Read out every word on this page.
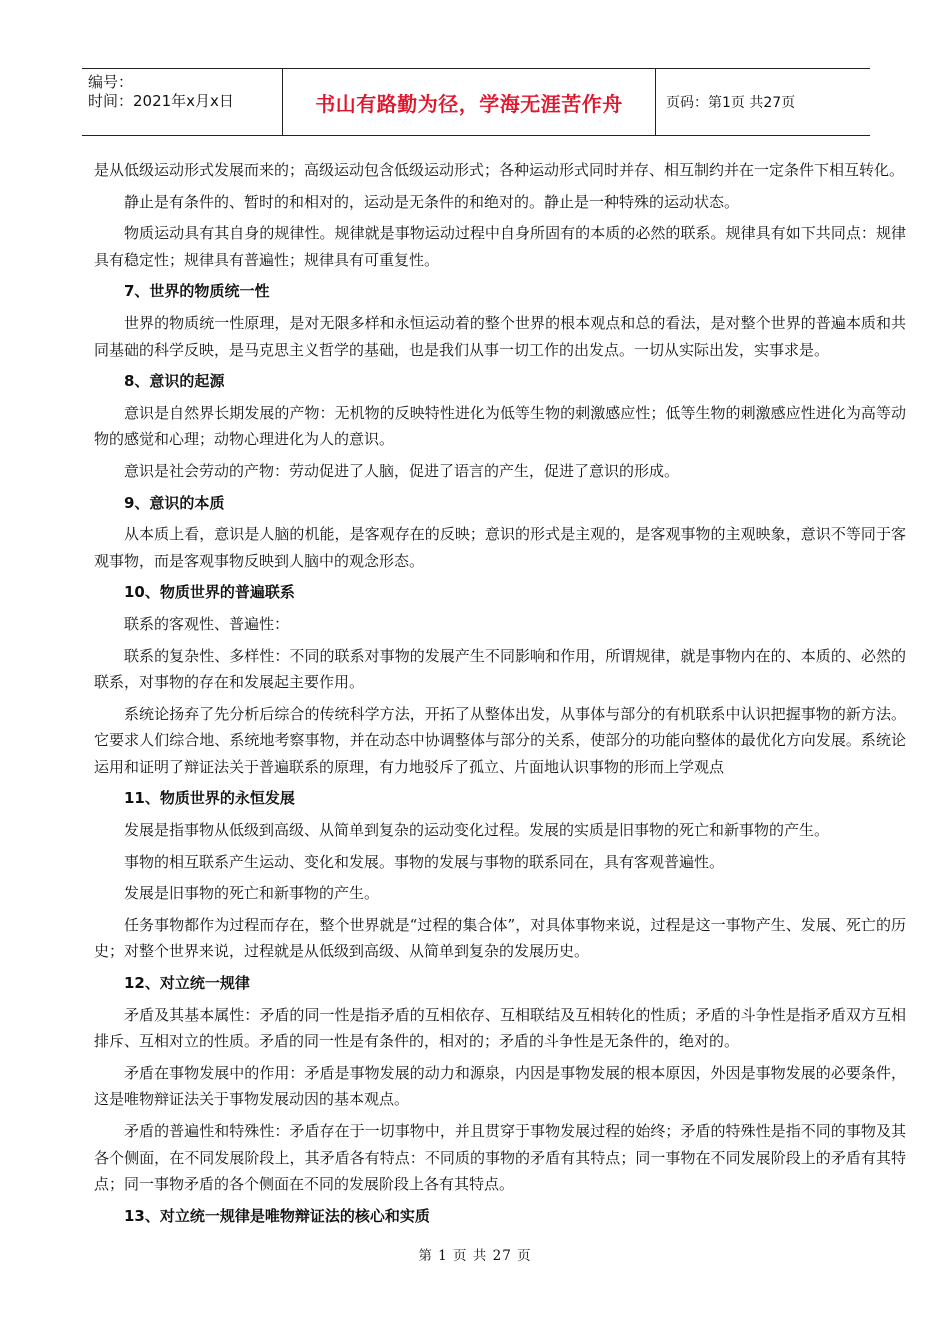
编号：
时间：2021年x月x日	书山有路勤为径，学海无涯苦作舟	页码：第1页 共27页

是从低级运动形式发展而来的；高级运动包含低级运动形式；各种运动形式同时并存、相互制约并在一定条件下相互转化。

静止是有条件的、暂时的和相对的，运动是无条件的和绝对的。静止是一种特殊的运动状态。

物质运动具有其自身的规律性。规律就是事物运动过程中自身所固有的本质的必然的联系。规律具有如下共同点：规律具有稳定性；规律具有普遍性；规律具有可重复性。

7、世界的物质统一性

世界的物质统一性原理，是对无限多样和永恒运动着的整个世界的根本观点和总的看法，是对整个世界的普遍本质和共同基础的科学反映，是马克思主义哲学的基础，也是我们从事一切工作的出发点。一切从实际出发，实事求是。

8、意识的起源

意识是自然界长期发展的产物：无机物的反映特性进化为低等生物的刺激感应性；低等生物的刺激感应性进化为高等动物的感觉和心理；动物心理进化为人的意识。

意识是社会劳动的产物：劳动促进了人脑，促进了语言的产生，促进了意识的形成。

9、意识的本质

从本质上看，意识是人脑的机能，是客观存在的反映；意识的形式是主观的，是客观事物的主观映象，意识不等同于客观事物，而是客观事物反映到人脑中的观念形态。

10、物质世界的普遍联系

联系的客观性、普遍性：

联系的复杂性、多样性：不同的联系对事物的发展产生不同影响和作用，所谓规律，就是事物内在的、本质的、必然的联系，对事物的存在和发展起主要作用。

系统论扬弃了先分析后综合的传统科学方法，开拓了从整体出发，从事体与部分的有机联系中认识把握事物的新方法。它要求人们综合地、系统地考察事物，并在动态中协调整体与部分的关系，使部分的功能向整体的最优化方向发展。系统论运用和证明了辩证法关于普遍联系的原理，有力地驳斥了孤立、片面地认识事物的形而上学观点

11、物质世界的永恒发展

发展是指事物从低级到高级、从简单到复杂的运动变化过程。发展的实质是旧事物的死亡和新事物的产生。

事物的相互联系产生运动、变化和发展。事物的发展与事物的联系同在，具有客观普遍性。

发展是旧事物的死亡和新事物的产生。

任务事物都作为过程而存在，整个世界就是“过程的集合体”，对具体事物来说，过程是这一事物产生、发展、死亡的历史；对整个世界来说，过程就是从低级到高级、从简单到复杂的发展历史。

12、对立统一规律

矛盾及其基本属性：矛盾的同一性是指矛盾的互相依存、互相联结及互相转化的性质；矛盾的斗争性是指矛盾双方互相排斥、互相对立的性质。矛盾的同一性是有条件的，相对的；矛盾的斗争性是无条件的，绝对的。

矛盾在事物发展中的作用：矛盾是事物发展的动力和源泉，内因是事物发展的根本原因，外因是事物发展的必要条件，这是唯物辩证法关于事物发展动因的基本观点。

矛盾的普遍性和特殊性：矛盾存在于一切事物中，并且贯穿于事物发展过程的始终；矛盾的特殊性是指不同的事物及其各个侧面，在不同发展阶段上，其矛盾各有特点：不同质的事物的矛盾有其特点；同一事物在不同发展阶段上的矛盾有其特点；同一事物矛盾的各个侧面在不同的发展阶段上各有其特点。

13、对立统一规律是唯物辩证法的核心和实质
第 1 页 共 27 页
